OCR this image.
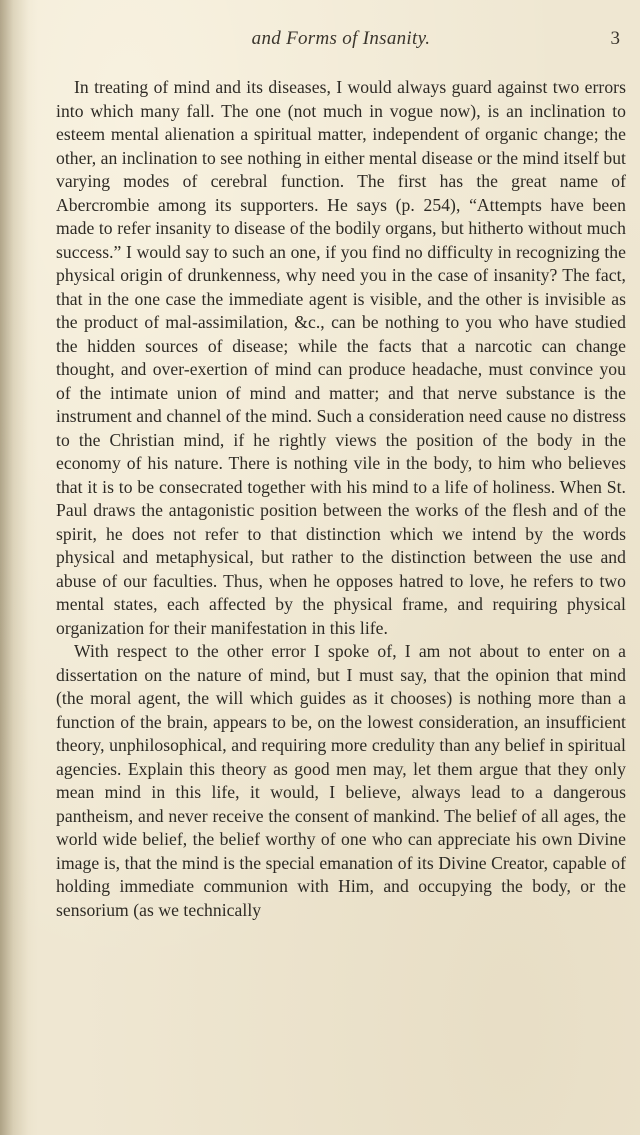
and Forms of Insanity.	3

In treating of mind and its diseases, I would always guard against two errors into which many fall. The one (not much in vogue now), is an inclination to esteem mental alienation a spiritual matter, independent of organic change; the other, an inclination to see nothing in either mental disease or the mind itself but varying modes of cerebral function. The first has the great name of Abercrombie among its supporters. He says (p. 254), “Attempts have been made to refer insanity to disease of the bodily organs, but hitherto without much success.” I would say to such an one, if you find no difficulty in recognizing the physical origin of drunkenness, why need you in the case of insanity? The fact, that in the one case the immediate agent is visible, and the other is invisible as the product of mal-assimilation, &c., can be nothing to you who have studied the hidden sources of disease; while the facts that a narcotic can change thought, and over-exertion of mind can produce headache, must convince you of the intimate union of mind and matter; and that nerve substance is the instrument and channel of the mind. Such a consideration need cause no distress to the Christian mind, if he rightly views the position of the body in the economy of his nature. There is nothing vile in the body, to him who believes that it is to be consecrated together with his mind to a life of holiness. When St. Paul draws the antagonistic position between the works of the flesh and of the spirit, he does not refer to that distinction which we intend by the words physical and metaphysical, but rather to the distinction between the use and abuse of our faculties. Thus, when he opposes hatred to love, he refers to two mental states, each affected by the physical frame, and requiring physical organization for their manifestation in this life.

With respect to the other error I spoke of, I am not about to enter on a dissertation on the nature of mind, but I must say, that the opinion that mind (the moral agent, the will which guides as it chooses) is nothing more than a function of the brain, appears to be, on the lowest consideration, an insufficient theory, unphilosophical, and requiring more credulity than any belief in spiritual agencies. Explain this theory as good men may, let them argue that they only mean mind in this life, it would, I believe, always lead to a dangerous pantheism, and never receive the consent of mankind. The belief of all ages, the world wide belief, the belief worthy of one who can appreciate his own Divine image is, that the mind is the special emanation of its Divine Creator, capable of holding immediate communion with Him, and occupying the body, or the sensorium (as we technically
